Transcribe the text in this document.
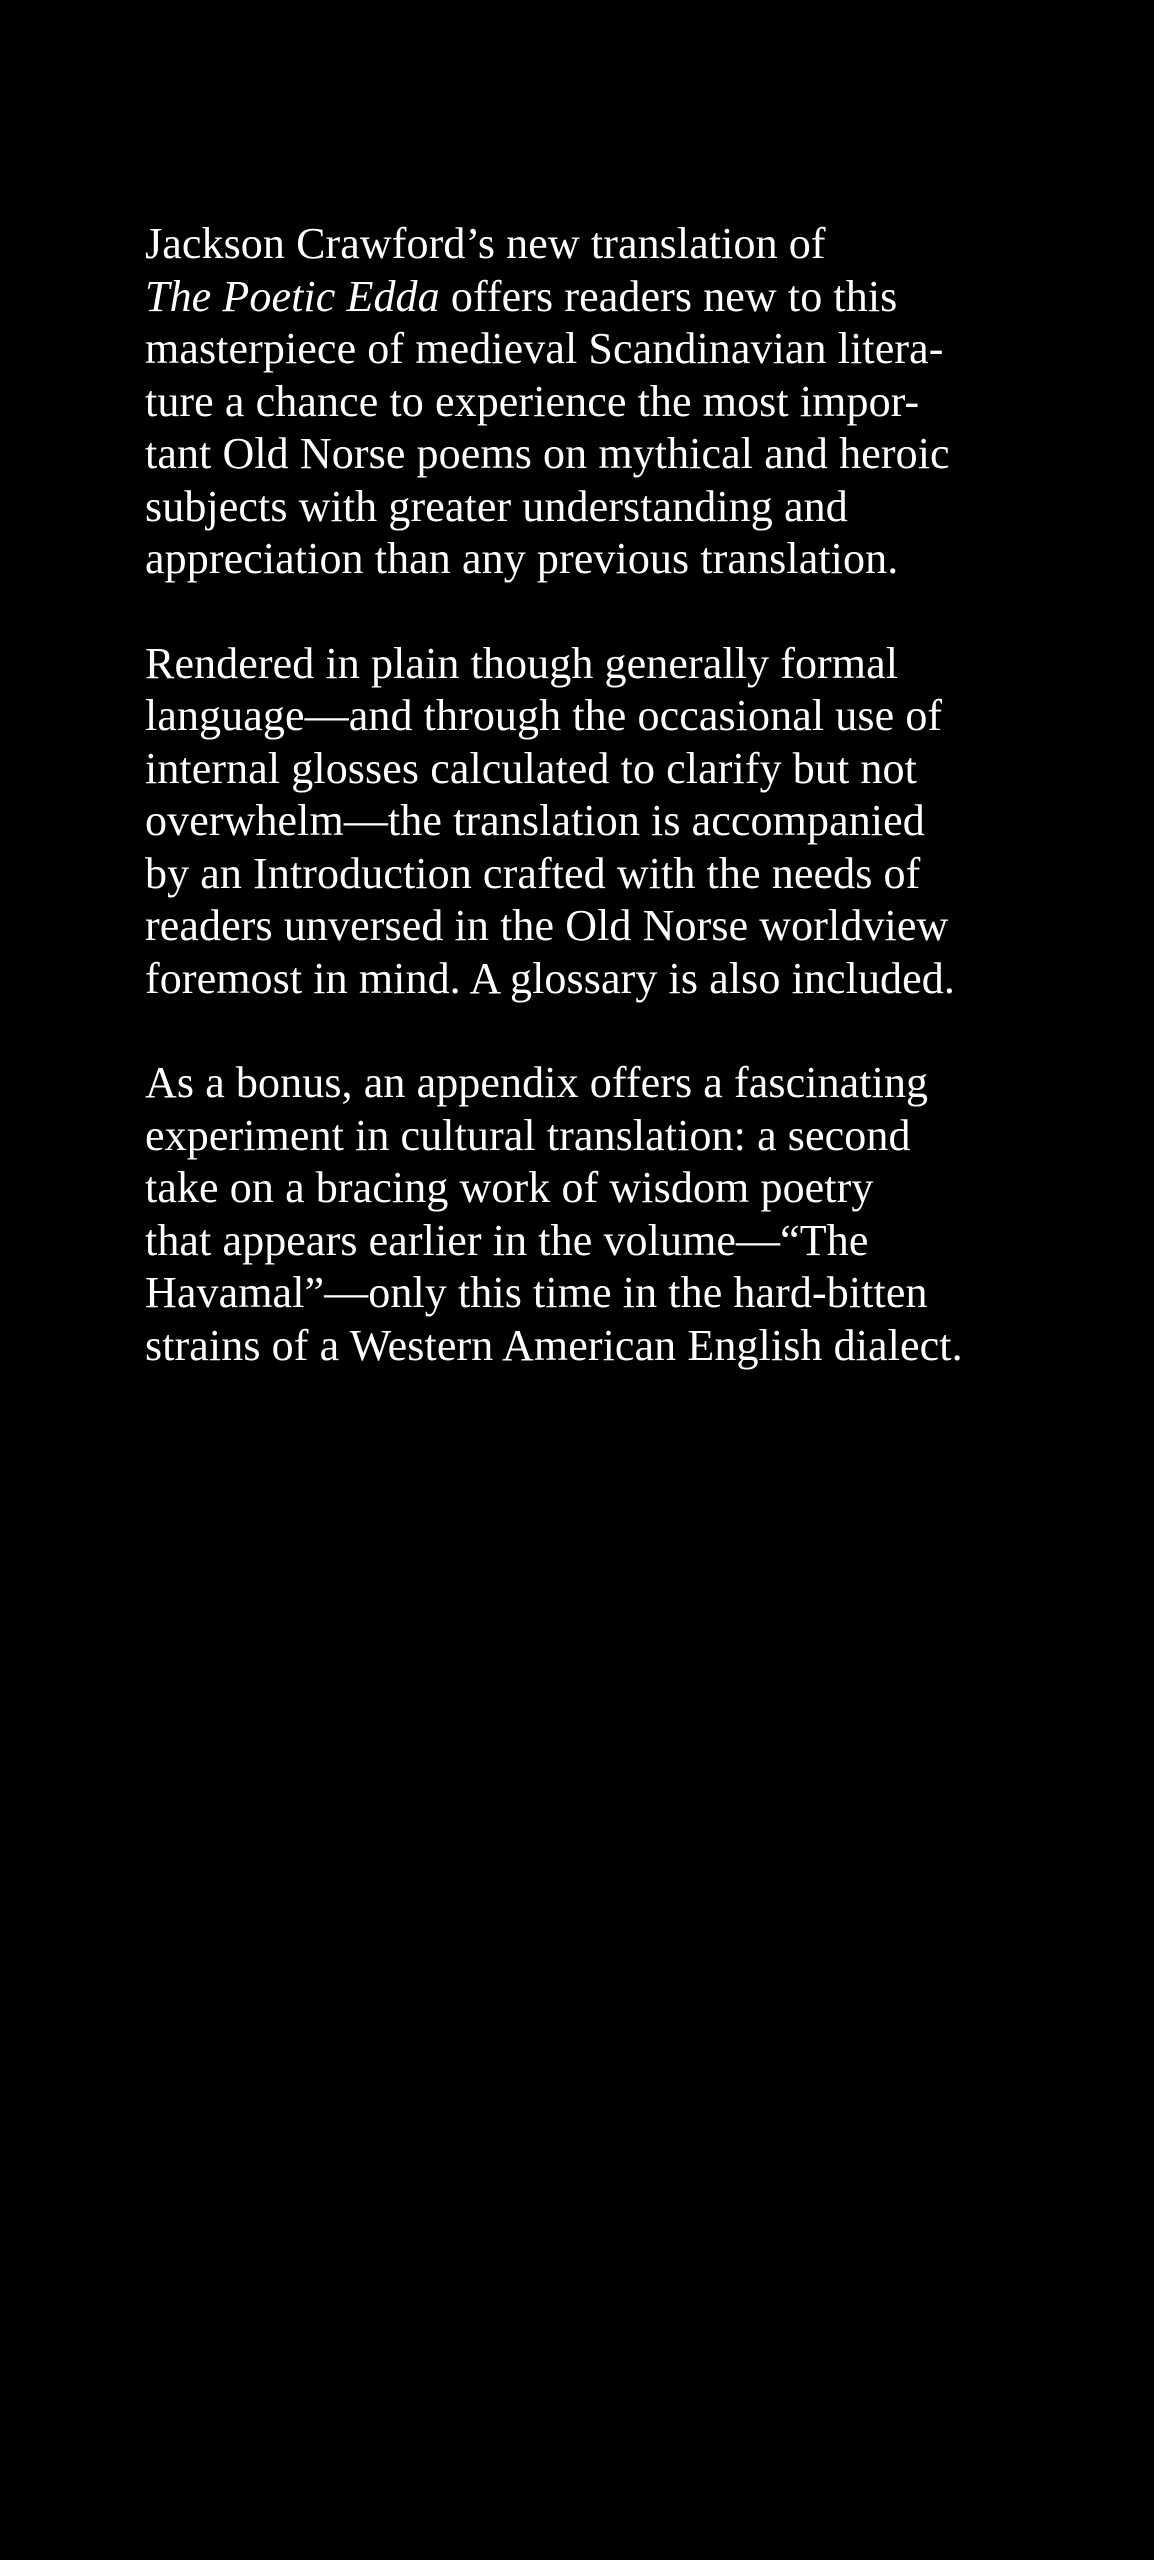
Jackson Crawford’s new translation of
The Poetic Edda offers readers new to this
masterpiece of medieval Scandinavian litera-
ture a chance to experience the most impor-
tant Old Norse poems on mythical and heroic
subjects with greater understanding and
appreciation than any previous translation.
Rendered in plain though generally formal
language—and through the occasional use of
internal glosses calculated to clarify but not
overwhelm—the translation is accompanied
by an Introduction crafted with the needs of
readers unversed in the Old Norse worldview
foremost in mind. A glossary is also included.
As a bonus, an appendix offers a fascinating
experiment in cultural translation: a second
take on a bracing work of wisdom poetry
that appears earlier in the volume—“The
Havamal”—only this time in the hard-bitten
strains of a Western American English dialect.
